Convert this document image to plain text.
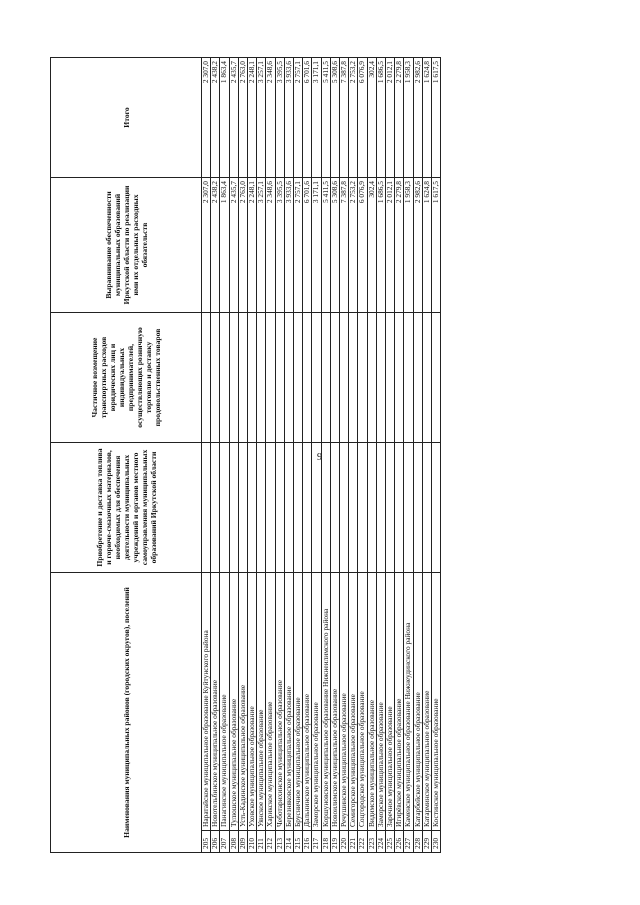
9
Наименования муниципальных районов (городских округов), поселений		Приобретение и доставка топлива и горюче-смазочных материалов, необходимых для обеспечения деятельности муниципальных учреждений и органов местного самоуправления муниципальных образований Иркутской области	Частичное возмещение транспортных расходов юридических лиц и индивидуальных предпринимателей, осуществляющих розничную торговлю и доставку продовольственных товаров	Выравнивание обеспеченности муниципальных образований Иркутской области по реализации ими их отдельных расходных обязательств	Итого
205	Наратайское муниципальное образование Куйтунского района			2 307,0	2 307,0
206	Новотельбинское муниципальное образование			2 438,2	2 438,2
207	Панагинское муниципальное образование			1 863,4	1 863,4
208	Тулюшское муниципальное образование			2 435,7	2 435,7
209	Усть-Кадинское муниципальное образование			2 763,0	2 763,0
210	Уховское муниципальное образование			2 248,1	2 248,1
211	Уянское муниципальное образование			3 257,1	3 257,1
212	Харикское муниципальное образование			2 348,6	2 348,6
213	Чеботарихинское муниципальное образование			3 395,5	3 395,5
214	Березняковское муниципальное образование			3 933,6	3 933,6
215	Брусничное муниципальное образование			2 757,1	2 757,1
216	Дальнинское муниципальное образование			6 701,6	6 701,6
217	Заморское муниципальное образование			3 171,1	3 171,1
218	Коршуновское муниципальное образование Нижнеилимского района			5 411,5	5 411,5
219	Новоилимское муниципальное образование			5 308,6	5 308,6
220	Речушинское муниципальное образование			7 387,8	7 387,8
221	Семигорское муниципальное образование			2 753,2	2 753,2
222	Соцгородское муниципальное образование			6 076,9	6 076,9
223	Видимское муниципальное образование			302,4	302,4
224	Заморское муниципальное образование			1 686,5	1 686,5
225	Заречное муниципальное образование			2 012,1	2 012,1
226	Игирёвское муниципальное образование			2 279,8	2 279,8
227	Каменское муниципальное образование Нижнеудинского района			1 958,3	1 958,3
228	Катарбейское муниципальное образование			2 982,6	2 982,6
229	Катарминское муниципальное образование			1 624,8	1 624,8
230	Костинское муниципальное образование			1 617,5	1 617,5
